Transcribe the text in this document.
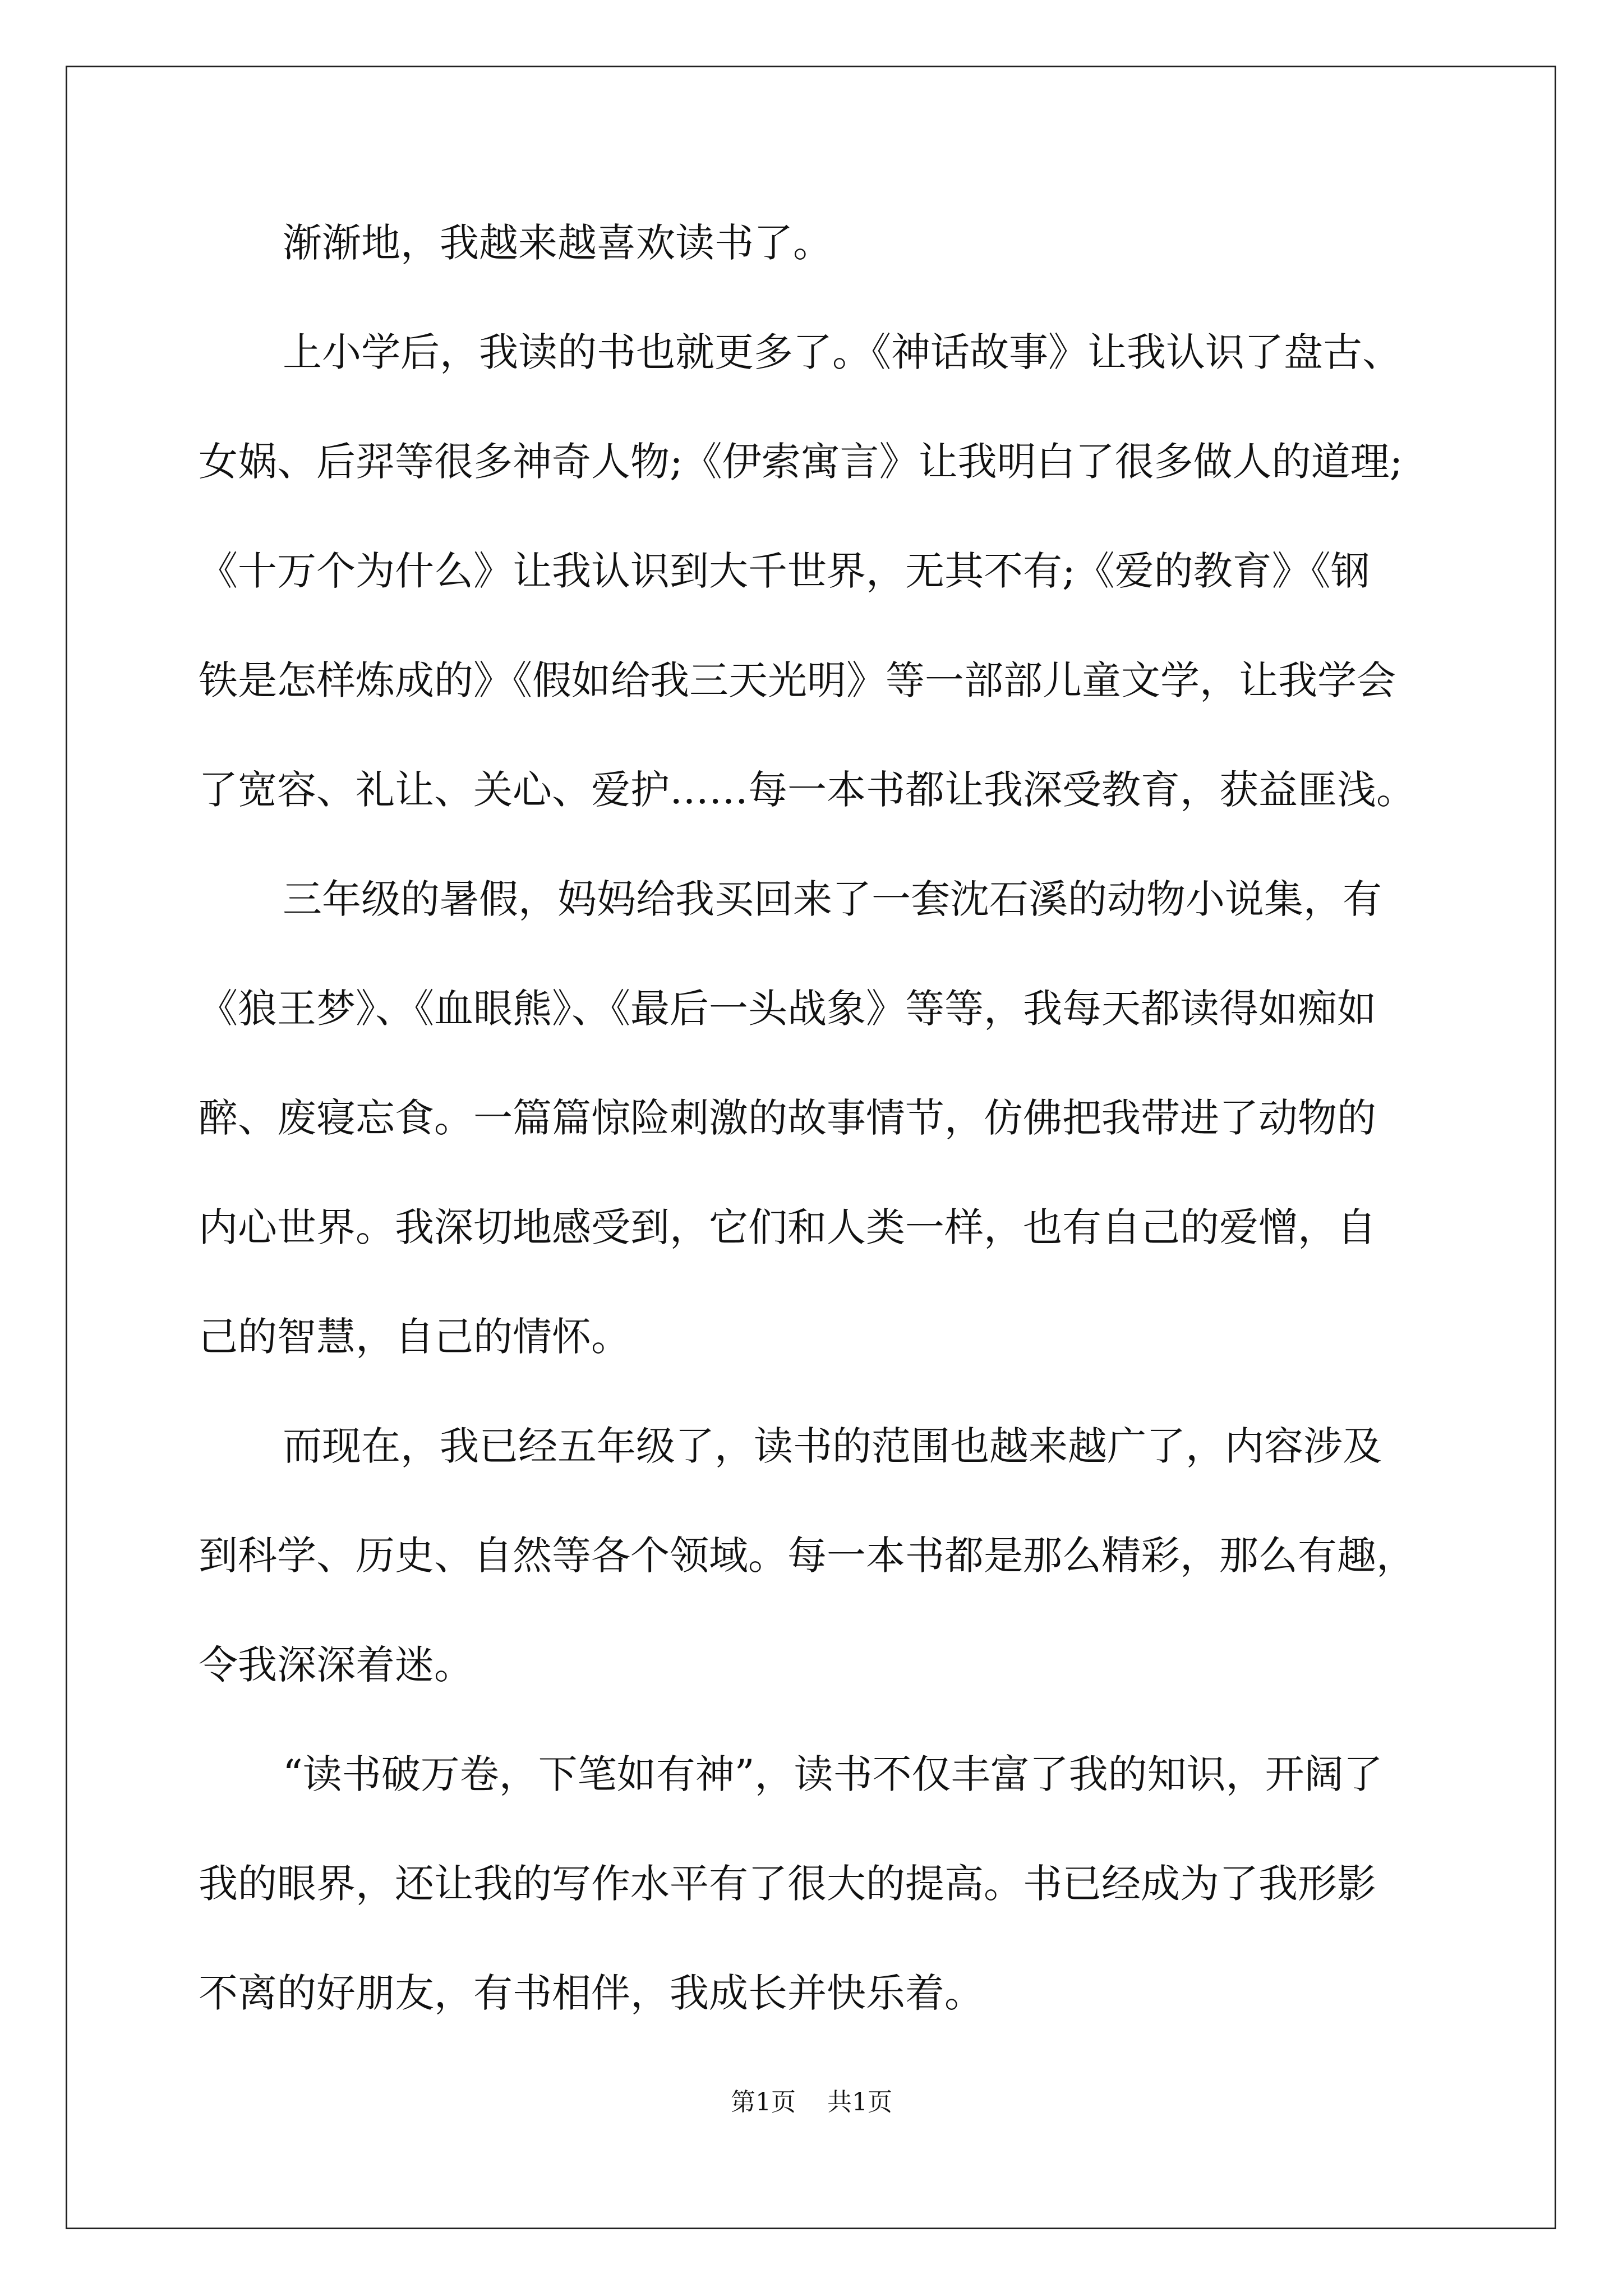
渐渐地，我越来越喜欢读书了。
上小学后，我读的书也就更多了。《神话故事》让我认识了盘古、
女娲、后羿等很多神奇人物;《伊索寓言》让我明白了很多做人的道理;
《十万个为什么》让我认识到大千世界，无其不有;《爱的教育》《钢
铁是怎样炼成的》《假如给我三天光明》等一部部儿童文学，让我学会
了宽容、礼让、关心、爱护……每一本书都让我深受教育，获益匪浅。
三年级的暑假，妈妈给我买回来了一套沈石溪的动物小说集，有
《狼王梦》、《血眼熊》、《最后一头战象》等等，我每天都读得如痴如
醉、废寝忘食。一篇篇惊险刺激的故事情节，仿佛把我带进了动物的
内心世界。我深切地感受到，它们和人类一样，也有自己的爱憎，自
己的智慧，自己的情怀。
而现在，我已经五年级了，读书的范围也越来越广了，内容涉及
到科学、历史、自然等各个领域。每一本书都是那么精彩，那么有趣，
令我深深着迷。
“读书破万卷，下笔如有神”，读书不仅丰富了我的知识，开阔了
我的眼界，还让我的写作水平有了很大的提高。书已经成为了我形影
不离的好朋友，有书相伴，我成长并快乐着。
第1页 共1页
